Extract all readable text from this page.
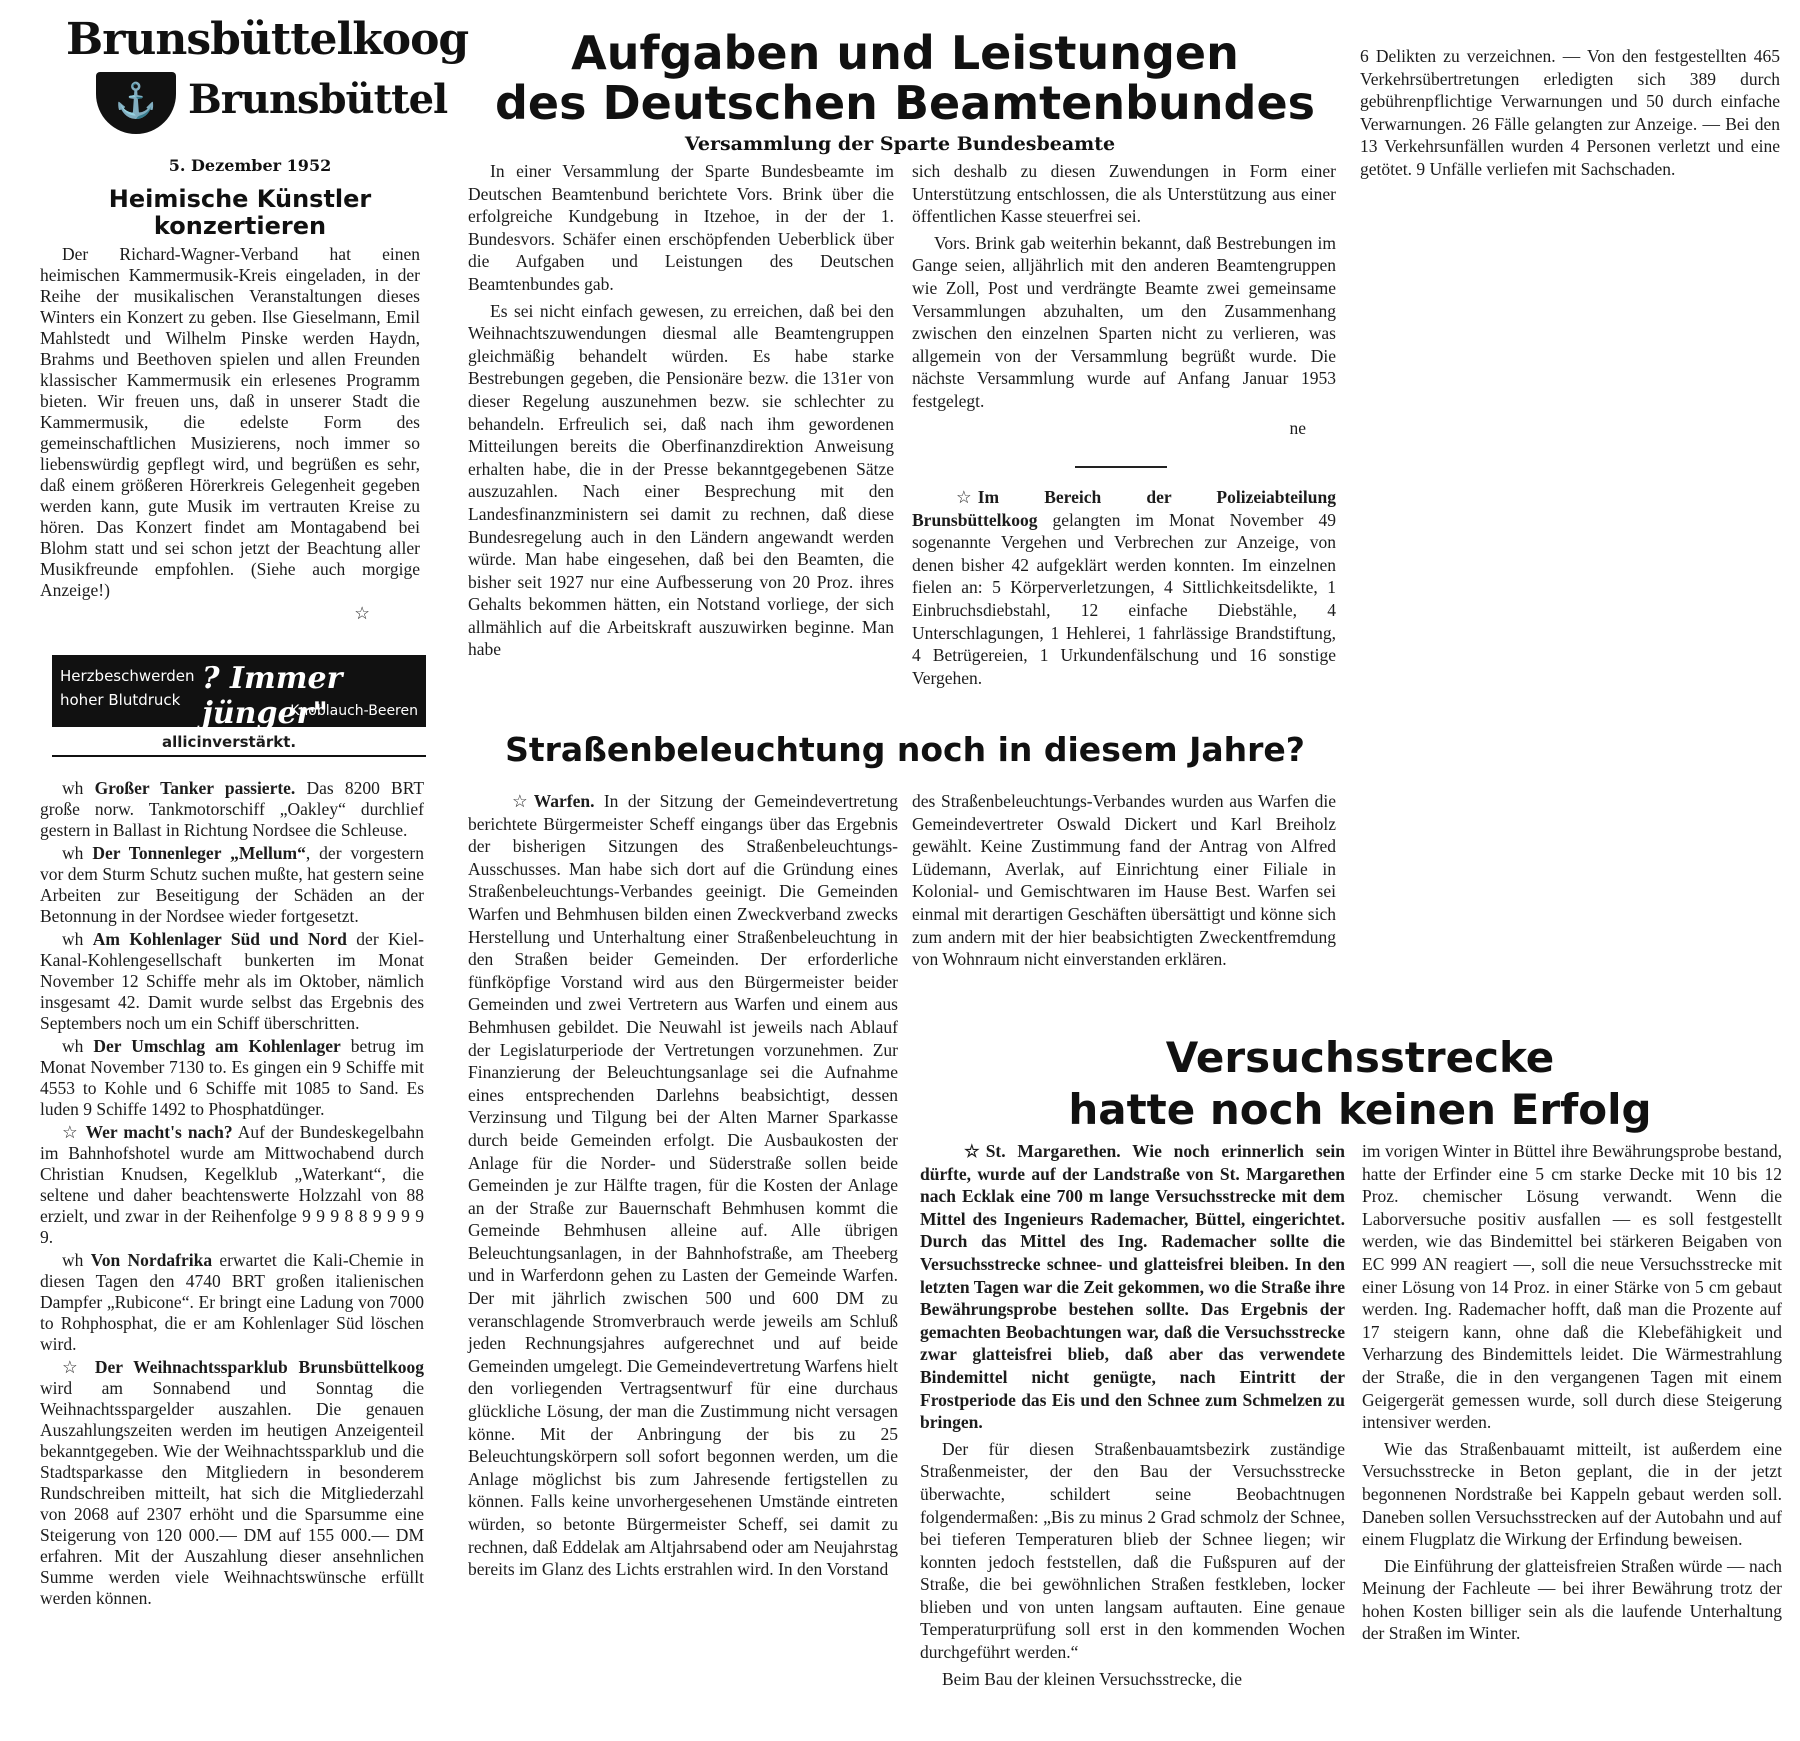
Brunsbüttelkoog
⚓ Brunsbüttel
5. Dezember 1952
Heimische Künstler konzertieren

Der Richard-Wagner-Verband hat einen heimischen Kammermusik-Kreis eingeladen, in der Reihe der musikalischen Veranstaltungen dieses Winters ein Konzert zu geben. Ilse Gieselmann, Emil Mahlstedt und Wilhelm Pinske werden Haydn, Brahms und Beethoven spielen und allen Freunden klassischer Kammermusik ein erlesenes Programm bieten. Wir freuen uns, daß in unserer Stadt die Kammermusik, die edelste Form des gemeinschaftlichen Musizierens, noch immer so liebenswürdig gepflegt wird, und begrüßen es sehr, daß einem größeren Hörerkreis Gelegenheit gegeben werden kann, gute Musik im vertrauten Kreise zu hören. Das Konzert findet am Montagabend bei Blohm statt und sei schon jetzt der Beachtung aller Musikfreunde empfohlen. (Siehe auch morgige Anzeige!)

☆
Herzbeschwerden
hoher Blutdruck
? Immer jünger"
Knoblauch-Beeren
allicinverstärkt.

wh Großer Tanker passierte. Das 8200 BRT große norw. Tankmotorschiff „Oakley“ durchlief gestern in Ballast in Richtung Nordsee die Schleuse.

wh Der Tonnenleger „Mellum“, der vorgestern vor dem Sturm Schutz suchen mußte, hat gestern seine Arbeiten zur Beseitigung der Schäden an der Betonnung in der Nordsee wieder fortgesetzt.

wh Am Kohlenlager Süd und Nord der Kiel-Kanal-Kohlengesellschaft bunkerten im Monat November 12 Schiffe mehr als im Oktober, nämlich insgesamt 42. Damit wurde selbst das Ergebnis des Septembers noch um ein Schiff überschritten.

wh Der Umschlag am Kohlenlager betrug im Monat November 7130 to. Es gingen ein 9 Schiffe mit 4553 to Kohle und 6 Schiffe mit 1085 to Sand. Es luden 9 Schiffe 1492 to Phosphatdünger.

☆ Wer macht's nach? Auf der Bundeskegelbahn im Bahnhofshotel wurde am Mittwochabend durch Christian Knudsen, Kegelklub „Waterkant“, die seltene und daher beachtenswerte Holzzahl von 88 erzielt, und zwar in der Reihenfolge 9 9 9 8 8 9 9 9 9 9.

wh Von Nordafrika erwartet die Kali-Chemie in diesen Tagen den 4740 BRT großen italienischen Dampfer „Rubicone“. Er bringt eine Ladung von 7000 to Rohphosphat, die er am Kohlenlager Süd löschen wird.

☆ Der Weihnachtssparklub Brunsbüttelkoog wird am Sonnabend und Sonntag die Weihnachtsspargelder auszahlen. Die genauen Auszahlungszeiten werden im heutigen Anzeigenteil bekanntgegeben. Wie der Weihnachtssparklub und die Stadtsparkasse den Mitgliedern in besonderem Rundschreiben mitteilt, hat sich die Mitgliederzahl von 2068 auf 2307 erhöht und die Sparsumme eine Steigerung von 120 000.— DM auf 155 000.— DM erfahren. Mit der Auszahlung dieser ansehnlichen Summe werden viele Weihnachtswünsche erfüllt werden können.

Aufgaben und Leistungen
des Deutschen Beamtenbundes
Versammlung der Sparte Bundesbeamte

In einer Versammlung der Sparte Bundesbeamte im Deutschen Beamtenbund berichtete Vors. Brink über die erfolgreiche Kundgebung in Itzehoe, in der der 1. Bundesvors. Schäfer einen erschöpfenden Ueberblick über die Aufgaben und Leistungen des Deutschen Beamtenbundes gab.

Es sei nicht einfach gewesen, zu erreichen, daß bei den Weihnachtszuwendungen diesmal alle Beamtengruppen gleichmäßig behandelt würden. Es habe starke Bestrebungen gegeben, die Pensionäre bezw. die 131er von dieser Regelung auszunehmen bezw. sie schlechter zu behandeln. Erfreulich sei, daß nach ihm gewordenen Mitteilungen bereits die Oberfinanzdirektion Anweisung erhalten habe, die in der Presse bekanntgegebenen Sätze auszuzahlen. Nach einer Besprechung mit den Landesfinanzministern sei damit zu rechnen, daß diese Bundesregelung auch in den Ländern angewandt werden würde. Man habe eingesehen, daß bei den Beamten, die bisher seit 1927 nur eine Aufbesserung von 20 Proz. ihres Gehalts bekommen hätten, ein Notstand vorliege, der sich allmählich auf die Arbeitskraft auszuwirken beginne. Man habe

sich deshalb zu diesen Zuwendungen in Form einer Unterstützung entschlossen, die als Unterstützung aus einer öffentlichen Kasse steuerfrei sei.

Vors. Brink gab weiterhin bekannt, daß Bestrebungen im Gange seien, alljährlich mit den anderen Beamtengruppen wie Zoll, Post und verdrängte Beamte zwei gemeinsame Versammlungen abzuhalten, um den Zusammenhang zwischen den einzelnen Sparten nicht zu verlieren, was allgemein von der Versammlung begrüßt wurde. Die nächste Versammlung wurde auf Anfang Januar 1953 festgelegt.

ne

☆ Im Bereich der Polizeiabteilung Brunsbüttelkoog gelangten im Monat November 49 sogenannte Vergehen und Verbrechen zur Anzeige, von denen bisher 42 aufgeklärt werden konnten. Im einzelnen fielen an: 5 Körperverletzungen, 4 Sittlichkeitsdelikte, 1 Einbruchsdiebstahl, 12 einfache Diebstähle, 4 Unterschlagungen, 1 Hehlerei, 1 fahrlässige Brandstiftung, 4 Betrügereien, 1 Urkundenfälschung und 16 sonstige Vergehen.

6 Delikten zu verzeichnen. — Von den festgestellten 465 Verkehrsübertretungen erledigten sich 389 durch gebührenpflichtige Verwarnungen und 50 durch einfache Verwarnungen. 26 Fälle gelangten zur Anzeige. — Bei den 13 Verkehrsunfällen wurden 4 Personen verletzt und eine getötet. 9 Unfälle verliefen mit Sachschaden.

Straßenbeleuchtung noch in diesem Jahre?

☆ Warfen. In der Sitzung der Gemeindevertretung berichtete Bürgermeister Scheff eingangs über das Ergebnis der bisherigen Sitzungen des Straßenbeleuchtungs-Ausschusses. Man habe sich dort auf die Gründung eines Straßenbeleuchtungs-Verbandes geeinigt. Die Gemeinden Warfen und Behmhusen bilden einen Zweckverband zwecks Herstellung und Unterhaltung einer Straßenbeleuchtung in den Straßen beider Gemeinden. Der erforderliche fünfköpfige Vorstand wird aus den Bürgermeister beider Gemeinden und zwei Vertretern aus Warfen und einem aus Behmhusen gebildet. Die Neuwahl ist jeweils nach Ablauf der Legislaturperiode der Vertretungen vorzunehmen. Zur Finanzierung der Beleuchtungsanlage sei die Aufnahme eines entsprechenden Darlehns beabsichtigt, dessen Verzinsung und Tilgung bei der Alten Marner Sparkasse durch beide Gemeinden erfolgt. Die Ausbaukosten der Anlage für die Norder- und Süderstraße sollen beide Gemeinden je zur Hälfte tragen, für die Kosten der Anlage an der Straße zur Bauernschaft Behmhusen kommt die Gemeinde Behmhusen alleine auf. Alle übrigen Beleuchtungsanlagen, in der Bahnhofstraße, am Theeberg und in Warferdonn gehen zu Lasten der Gemeinde Warfen. Der mit jährlich zwischen 500 und 600 DM zu veranschlagende Stromverbrauch werde jeweils am Schluß jeden Rechnungsjahres aufgerechnet und auf beide Gemeinden umgelegt. Die Gemeindevertretung Warfens hielt den vorliegenden Vertragsentwurf für eine durchaus glückliche Lösung, der man die Zustimmung nicht versagen könne. Mit der Anbringung der bis zu 25 Beleuchtungskörpern soll sofort begonnen werden, um die Anlage möglichst bis zum Jahresende fertigstellen zu können. Falls keine unvorhergesehenen Umstände eintreten würden, so betonte Bürgermeister Scheff, sei damit zu rechnen, daß Eddelak am Altjahrsabend oder am Neujahrstag bereits im Glanz des Lichts erstrahlen wird. In den Vorstand

des Straßenbeleuchtungs-Verbandes wurden aus Warfen die Gemeindevertreter Oswald Dickert und Karl Breiholz gewählt. Keine Zustimmung fand der Antrag von Alfred Lüdemann, Averlak, auf Einrichtung einer Filiale in Kolonial- und Gemischtwaren im Hause Best. Warfen sei einmal mit derartigen Geschäften übersättigt und könne sich zum andern mit der hier beabsichtigten Zweckentfremdung von Wohnraum nicht einverstanden erklären.

Versuchsstrecke
hatte noch keinen Erfolg

☆ St. Margarethen. Wie noch erinnerlich sein dürfte, wurde auf der Landstraße von St. Margarethen nach Ecklak eine 700 m lange Versuchsstrecke mit dem Mittel des Ingenieurs Rademacher, Büttel, eingerichtet. Durch das Mittel des Ing. Rademacher sollte die Versuchsstrecke schnee- und glatteisfrei bleiben. In den letzten Tagen war die Zeit gekommen, wo die Straße ihre Bewährungsprobe bestehen sollte. Das Ergebnis der gemachten Beobachtungen war, daß die Versuchsstrecke zwar glatteisfrei blieb, daß aber das verwendete Bindemittel nicht genügte, nach Eintritt der Frostperiode das Eis und den Schnee zum Schmelzen zu bringen.

Der für diesen Straßenbauamtsbezirk zuständige Straßenmeister, der den Bau der Versuchsstrecke überwachte, schildert seine Beobachtnugen folgendermaßen: „Bis zu minus 2 Grad schmolz der Schnee, bei tieferen Temperaturen blieb der Schnee liegen; wir konnten jedoch feststellen, daß die Fußspuren auf der Straße, die bei gewöhnlichen Straßen festkleben, locker blieben und von unten langsam auftauten. Eine genaue Temperaturprüfung soll erst in den kommenden Wochen durchgeführt werden.“

Beim Bau der kleinen Versuchsstrecke, die

im vorigen Winter in Büttel ihre Bewährungsprobe bestand, hatte der Erfinder eine 5 cm starke Decke mit 10 bis 12 Proz. chemischer Lösung verwandt. Wenn die Laborversuche positiv ausfallen — es soll festgestellt werden, wie das Bindemittel bei stärkeren Beigaben von EC 999 AN reagiert —, soll die neue Versuchsstrecke mit einer Lösung von 14 Proz. in einer Stärke von 5 cm gebaut werden. Ing. Rademacher hofft, daß man die Prozente auf 17 steigern kann, ohne daß die Klebefähigkeit und Verharzung des Bindemittels leidet. Die Wärmestrahlung der Straße, die in den vergangenen Tagen mit einem Geigergerät gemessen wurde, soll durch diese Steigerung intensiver werden.

Wie das Straßenbauamt mitteilt, ist außerdem eine Versuchsstrecke in Beton geplant, die in der jetzt begonnenen Nordstraße bei Kappeln gebaut werden soll. Daneben sollen Versuchsstrecken auf der Autobahn und auf einem Flugplatz die Wirkung der Erfindung beweisen.

Die Einführung der glatteisfreien Straßen würde — nach Meinung der Fachleute — bei ihrer Bewährung trotz der hohen Kosten billiger sein als die laufende Unterhaltung der Straßen im Winter.
